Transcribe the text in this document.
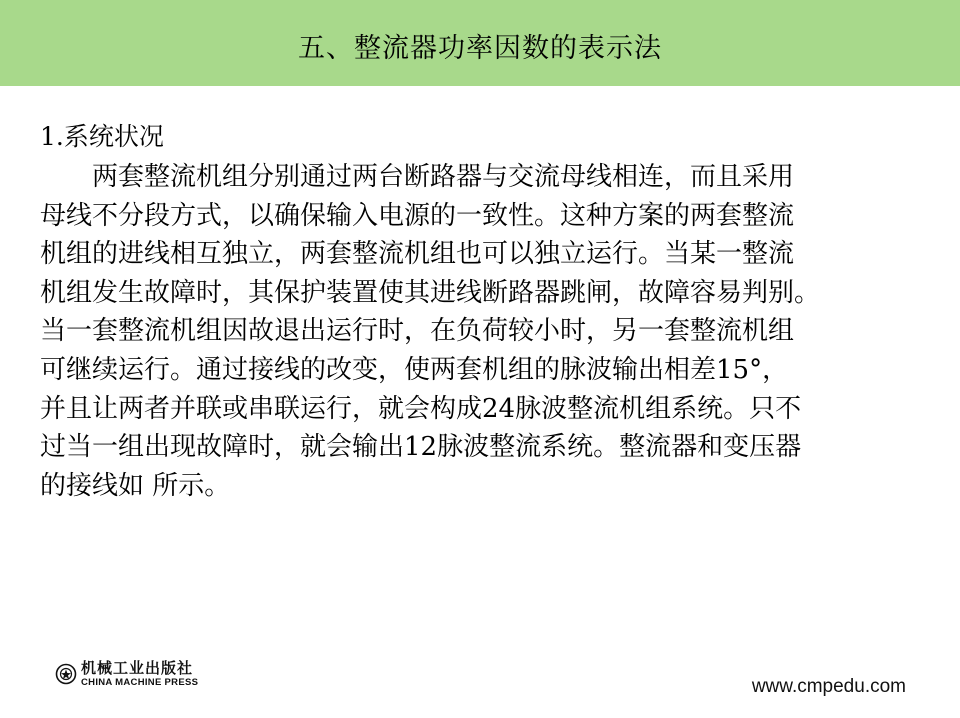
五、整流器功率因数的表示法
1.系统状况

两套整流机组分别通过两台断路器与交流母线相连，而且采用

母线不分段方式，以确保输入电源的一致性。这种方案的两套整流

机组的进线相互独立，两套整流机组也可以独立运行。当某一整流

机组发生故障时，其保护装置使其进线断路器跳闸，故障容易判别。

当一套整流机组因故退出运行时，在负荷较小时，另一套整流机组

可继续运行。通过接线的改变，使两套机组的脉波输出相差15°，

并且让两者并联或串联运行，就会构成24脉波整流机组系统。只不

过当一组出现故障时，就会输出12脉波整流系统。整流器和变压器

的接线如 所示。

机械工业出版社
CHINA MACHINE PRESS	www.cmpedu.com
